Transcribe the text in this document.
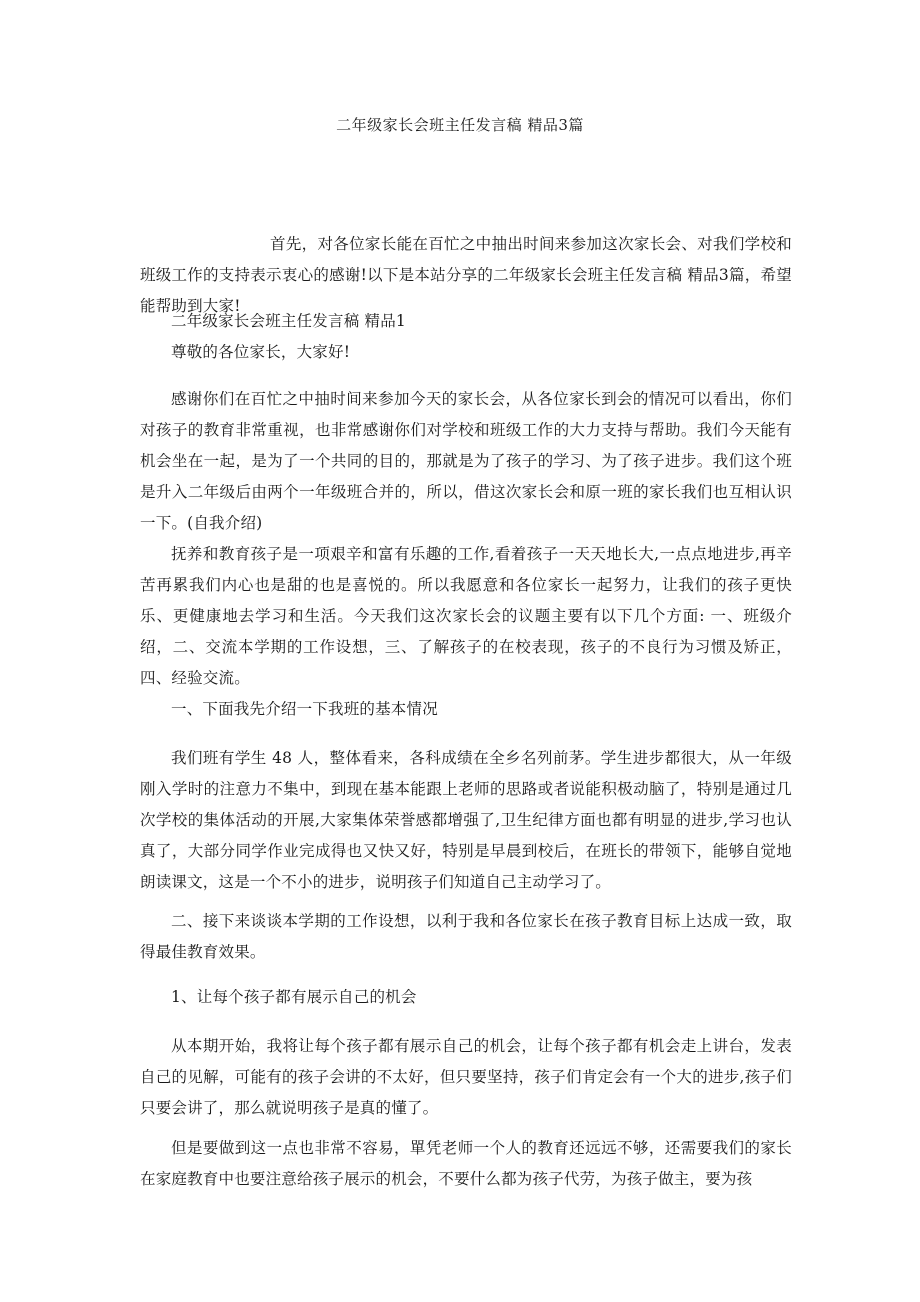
二年级家长会班主任发言稿 精品3篇

首先，对各位家长能在百忙之中抽出时间来参加这次家长会、对我们学校和班级工作的支持表示衷心的感谢!以下是本站分享的二年级家长会班主任发言稿 精品3篇，希望能帮助到大家!

二年级家长会班主任发言稿 精品1

尊敬的各位家长，大家好!

感谢你们在百忙之中抽时间来参加今天的家长会，从各位家长到会的情况可以看出，你们对孩子的教育非常重视，也非常感谢你们对学校和班级工作的大力支持与帮助。我们今天能有机会坐在一起，是为了一个共同的目的，那就是为了孩子的学习、为了孩子进步。我们这个班是升入二年级后由两个一年级班合并的，所以，借这次家长会和原一班的家长我们也互相认识一下。(自我介绍)

抚养和教育孩子是一项艰辛和富有乐趣的工作,看着孩子一天天地长大,一点点地进步,再辛苦再累我们内心也是甜的也是喜悦的。所以我愿意和各位家长一起努力，让我们的孩子更快乐、更健康地去学习和生活。今天我们这次家长会的议题主要有以下几个方面: 一、班级介绍，二、交流本学期的工作设想，三、了解孩子的在校表现，孩子的不良行为习惯及矫正，四、经验交流。

一、下面我先介绍一下我班的基本情况

我们班有学生 48 人，整体看来，各科成绩在全乡名列前茅。学生进步都很大，从一年级刚入学时的注意力不集中，到现在基本能跟上老师的思路或者说能积极动脑了，特别是通过几次学校的集体活动的开展,大家集体荣誉感都增强了,卫生纪律方面也都有明显的进步,学习也认真了，大部分同学作业完成得也又快又好，特别是早晨到校后，在班长的带领下，能够自觉地朗读课文，这是一个不小的进步，说明孩子们知道自己主动学习了。

二、接下来谈谈本学期的工作设想，以利于我和各位家长在孩子教育目标上达成一致，取得最佳教育效果。

1、让每个孩子都有展示自己的机会

从本期开始，我将让每个孩子都有展示自己的机会，让每个孩子都有机会走上讲台，发表自己的见解，可能有的孩子会讲的不太好，但只要坚持，孩子们肯定会有一个大的进步,孩子们只要会讲了，那么就说明孩子是真的懂了。

但是要做到这一点也非常不容易，單凭老师一个人的教育还远远不够，还需要我们的家长在家庭教育中也要注意给孩子展示的机会，不要什么都为孩子代劳，为孩子做主，要为孩
